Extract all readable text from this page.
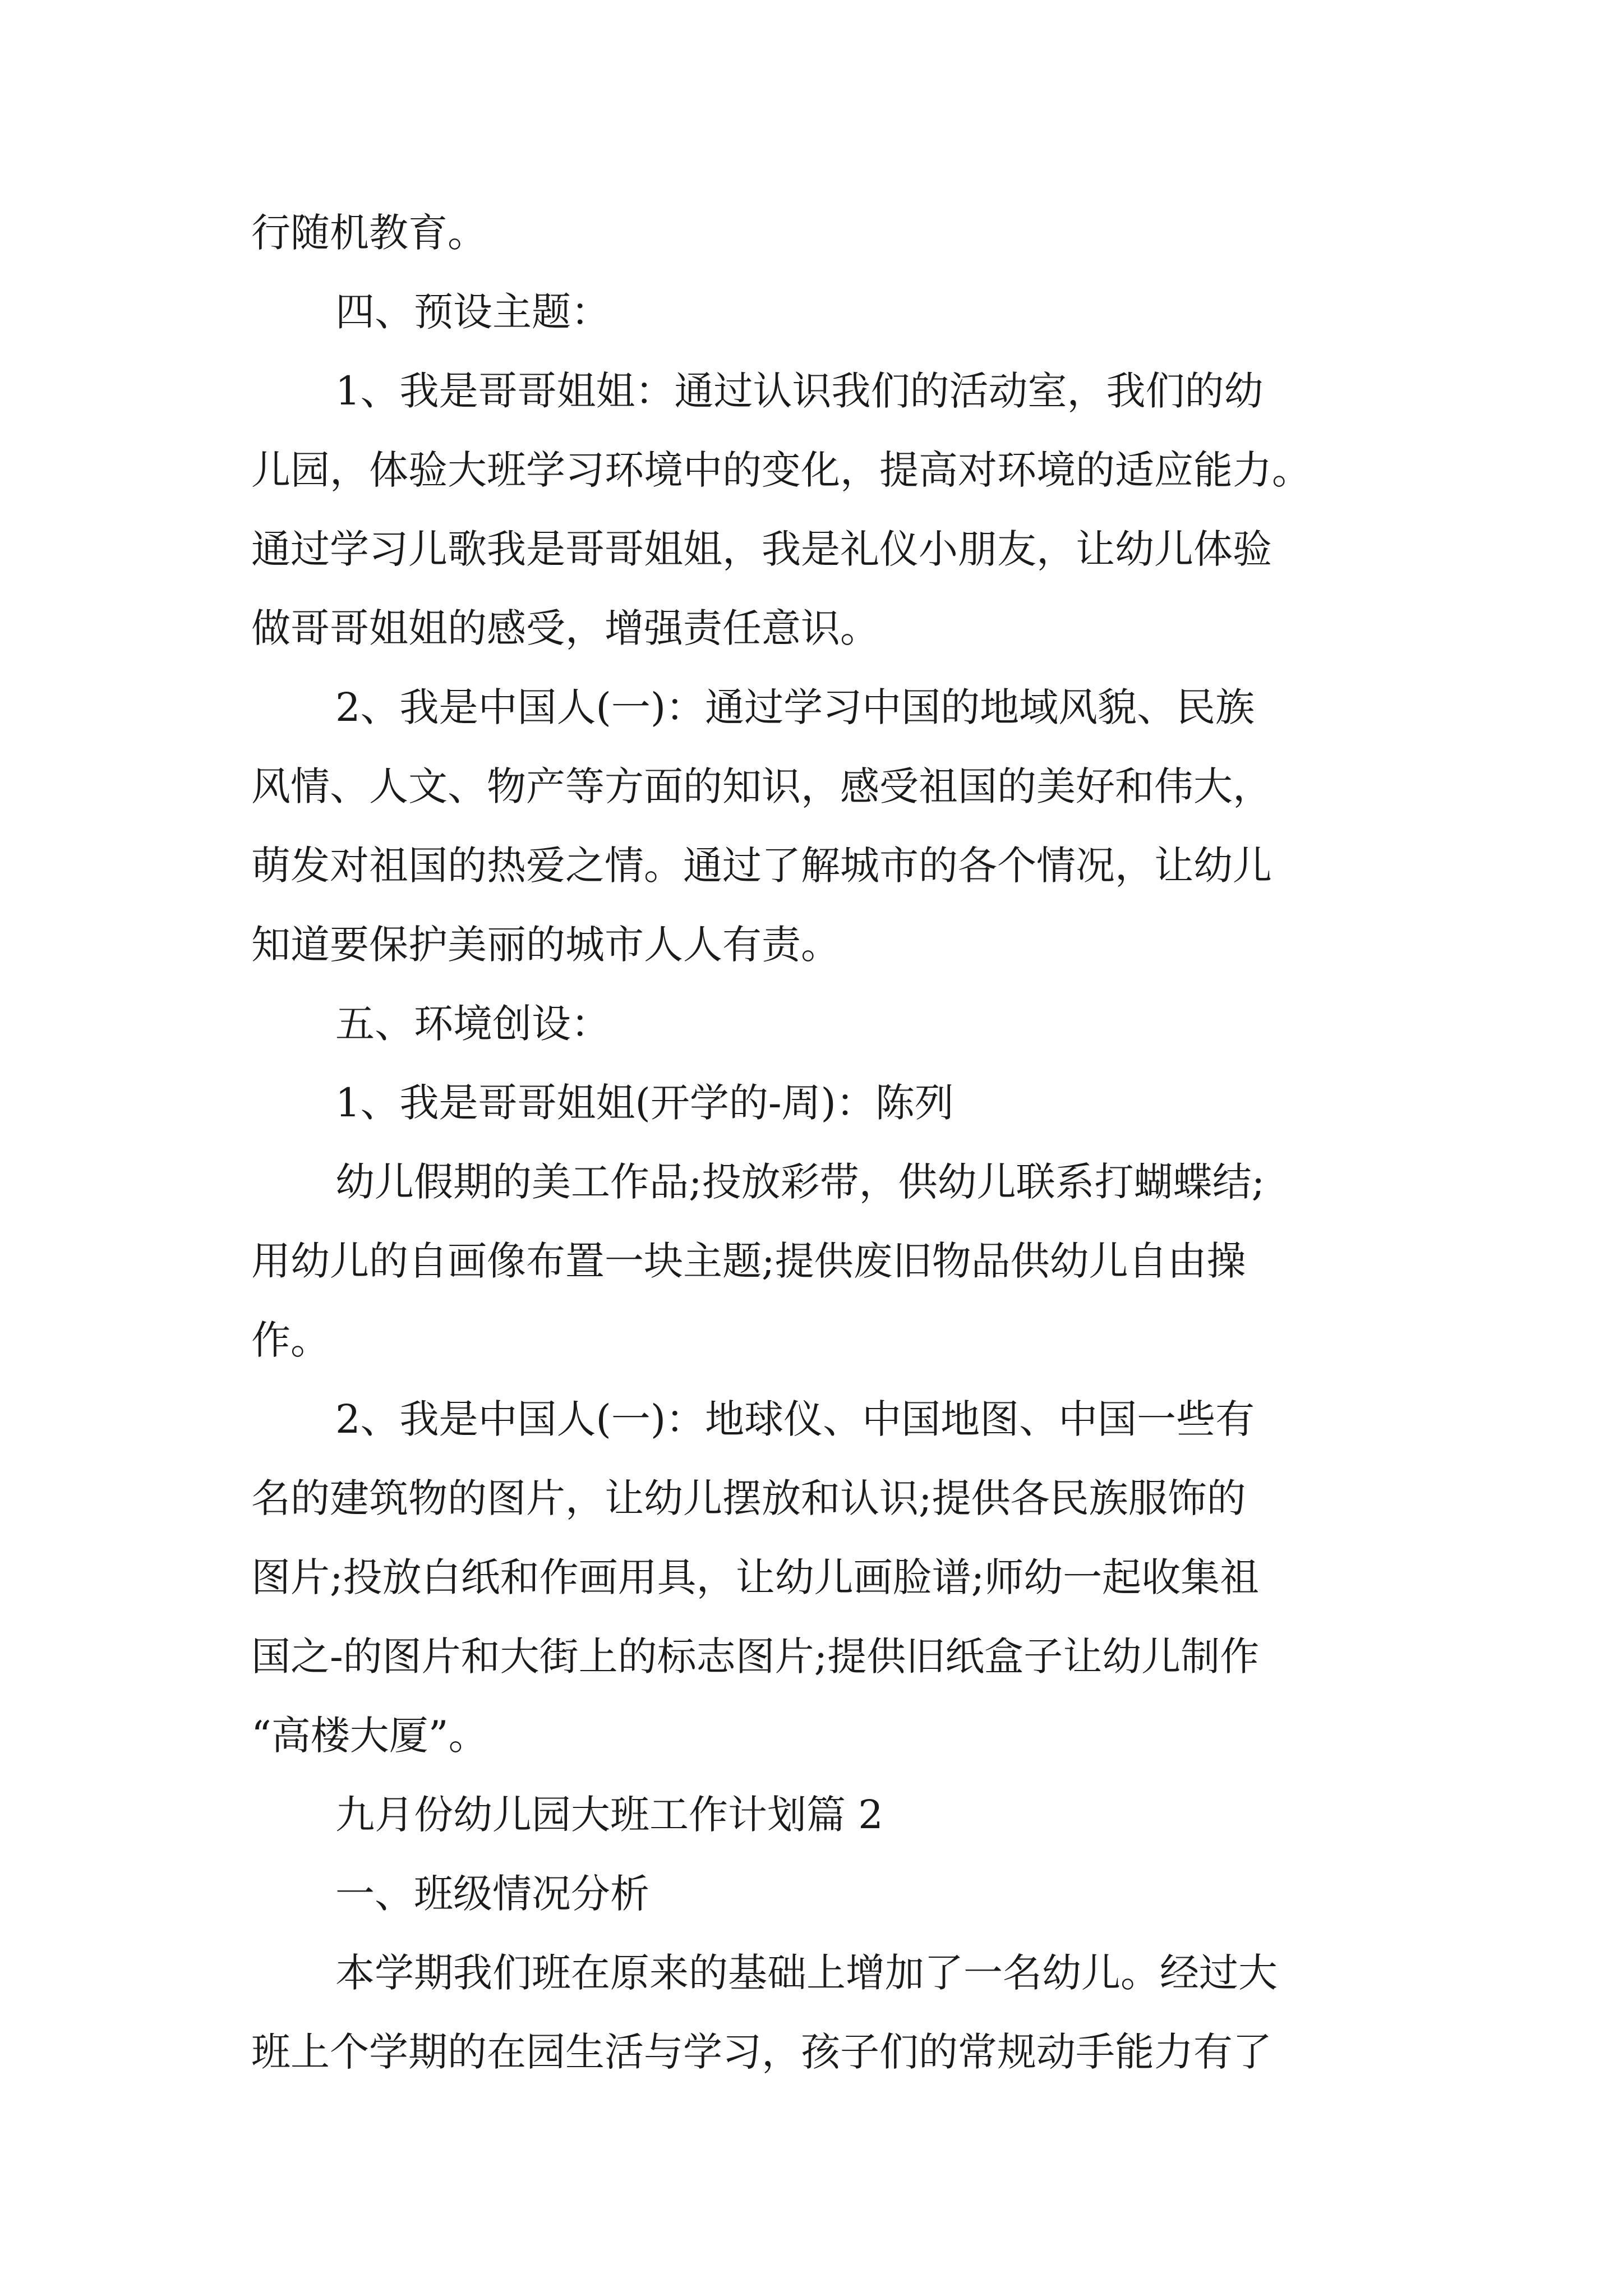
行随机教育。

四、预设主题：

1、我是哥哥姐姐：通过认识我们的活动室，我们的幼

儿园，体验大班学习环境中的变化，提高对环境的适应能力。

通过学习儿歌我是哥哥姐姐，我是礼仪小朋友，让幼儿体验

做哥哥姐姐的感受，增强责任意识。

2、我是中国人(一)：通过学习中国的地域风貌、民族

风情、人文、物产等方面的知识，感受祖国的美好和伟大，

萌发对祖国的热爱之情。通过了解城市的各个情况，让幼儿

知道要保护美丽的城市人人有责。

五、环境创设：

1、我是哥哥姐姐(开学的-周)：陈列

幼儿假期的美工作品;投放彩带，供幼儿联系打蝴蝶结;

用幼儿的自画像布置一块主题;提供废旧物品供幼儿自由操

作。

2、我是中国人(一)：地球仪、中国地图、中国一些有

名的建筑物的图片，让幼儿摆放和认识;提供各民族服饰的

图片;投放白纸和作画用具，让幼儿画脸谱;师幼一起收集祖

国之-的图片和大街上的标志图片;提供旧纸盒子让幼儿制作

“高楼大厦”。

九月份幼儿园大班工作计划篇 2

一、班级情况分析

本学期我们班在原来的基础上增加了一名幼儿。经过大

班上个学期的在园生活与学习，孩子们的常规动手能力有了
